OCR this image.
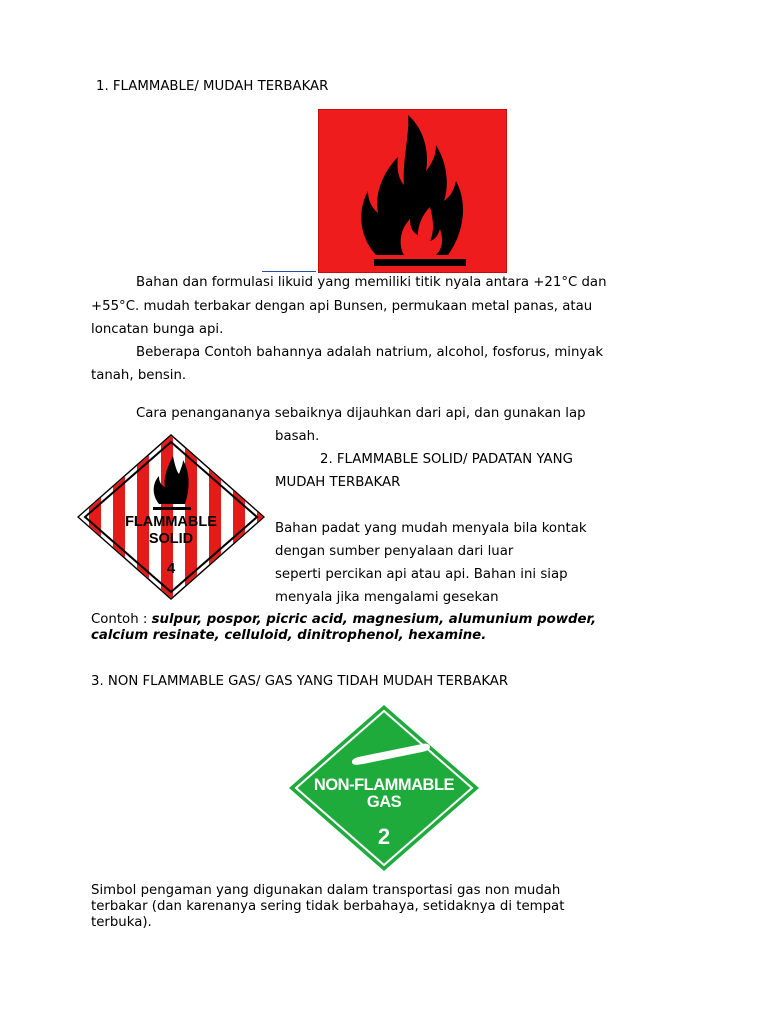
1. FLAMMABLE/ MUDAH TERBAKAR
Bahan dan formulasi likuid yang memiliki titik nyala antara +21°C dan
+55°C. mudah terbakar dengan api Bunsen, permukaan metal panas, atau
loncatan bunga api.
Beberapa Contoh bahannya adalah natrium, alcohol, fosforus, minyak
tanah, bensin.
Cara penangananya sebaiknya dijauhkan dari api, dan gunakan lap
basah.
FLAMMABLE
SOLID
4
2. FLAMMABLE SOLID/ PADATAN YANG
MUDAH TERBAKAR
Bahan padat yang mudah menyala bila kontak
dengan sumber penyalaan dari luar
seperti percikan api atau api. Bahan ini siap
menyala jika mengalami gesekan
Contoh : sulpur, pospor, picric acid, magnesium, alumunium powder,
calcium resinate, celluloid, dinitrophenol, hexamine.
3. NON FLAMMABLE GAS/ GAS YANG TIDAH MUDAH TERBAKAR
NON-FLAMMABLE
GAS
2
Simbol pengaman yang digunakan dalam transportasi gas non mudah
terbakar (dan karenanya sering tidak berbahaya, setidaknya di tempat
terbuka).
